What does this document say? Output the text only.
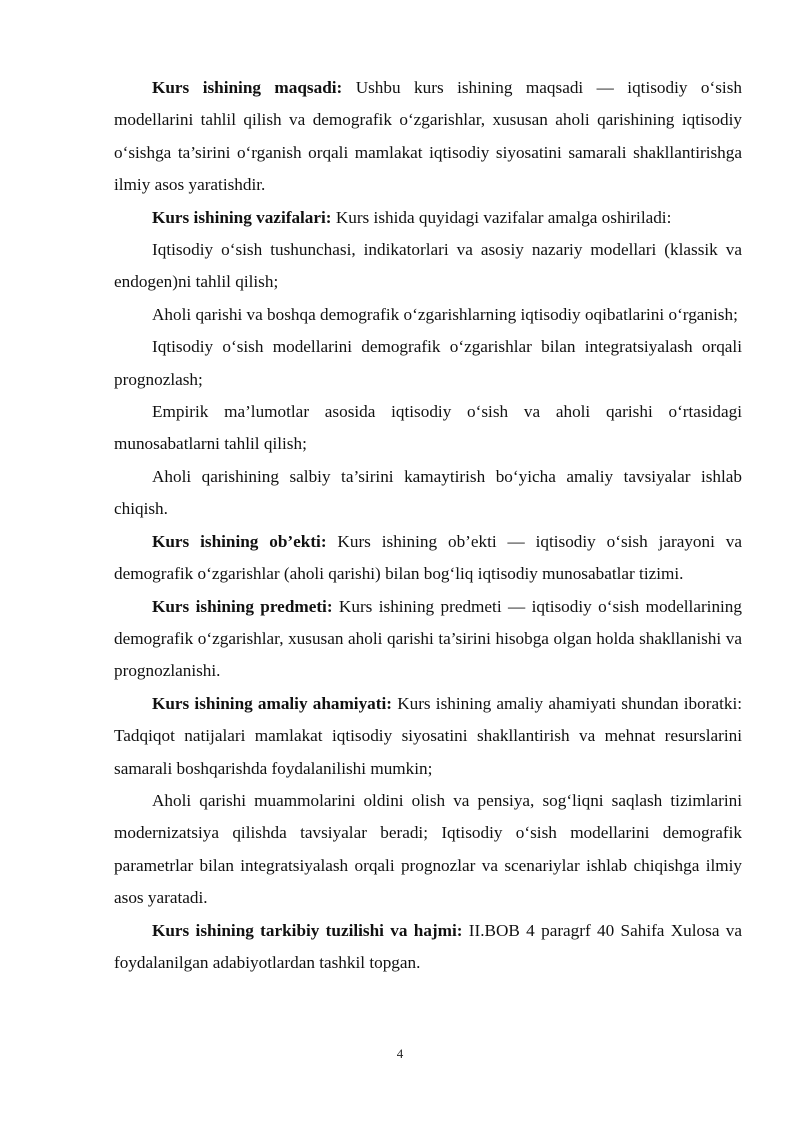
Kurs ishining maqsadi: Ushbu kurs ishining maqsadi — iqtisodiy o‘sish modellarini tahlil qilish va demografik o‘zgarishlar, xususan aholi qarishining iqtisodiy o‘sishga ta’sirini o‘rganish orqali mamlakat iqtisodiy siyosatini samarali shakllantirishga ilmiy asos yaratishdir.

Kurs ishining vazifalari: Kurs ishida quyidagi vazifalar amalga oshiriladi:

Iqtisodiy o‘sish tushunchasi, indikatorlari va asosiy nazariy modellari (klassik va endogen)ni tahlil qilish;

Aholi qarishi va boshqa demografik o‘zgarishlarning iqtisodiy oqibatlarini o‘rganish;

Iqtisodiy o‘sish modellarini demografik o‘zgarishlar bilan integratsiyalash orqali prognozlash;

Empirik ma’lumotlar asosida iqtisodiy o‘sish va aholi qarishi o‘rtasidagi munosabatlarni tahlil qilish;

Aholi qarishining salbiy ta’sirini kamaytirish bo‘yicha amaliy tavsiyalar ishlab chiqish.

Kurs ishining ob’ekti: Kurs ishining ob’ekti — iqtisodiy o‘sish jarayoni va demografik o‘zgarishlar (aholi qarishi) bilan bog‘liq iqtisodiy munosabatlar tizimi.

Kurs ishining predmeti: Kurs ishining predmeti — iqtisodiy o‘sish modellarining demografik o‘zgarishlar, xususan aholi qarishi ta’sirini hisobga olgan holda shakllanishi va prognozlanishi.

Kurs ishining amaliy ahamiyati: Kurs ishining amaliy ahamiyati shundan iboratki: Tadqiqot natijalari mamlakat iqtisodiy siyosatini shakllantirish va mehnat resurslarini samarali boshqarishda foydalanilishi mumkin;

Aholi qarishi muammolarini oldini olish va pensiya, sog‘liqni saqlash tizimlarini modernizatsiya qilishda tavsiyalar beradi; Iqtisodiy o‘sish modellarini demografik parametrlar bilan integratsiyalash orqali prognozlar va scenariylar ishlab chiqishga ilmiy asos yaratadi.

Kurs ishining tarkibiy tuzilishi va hajmi: II.BOB 4 paragrf 40 Sahifa Xulosa va foydalanilgan adabiyotlardan tashkil topgan.

4
